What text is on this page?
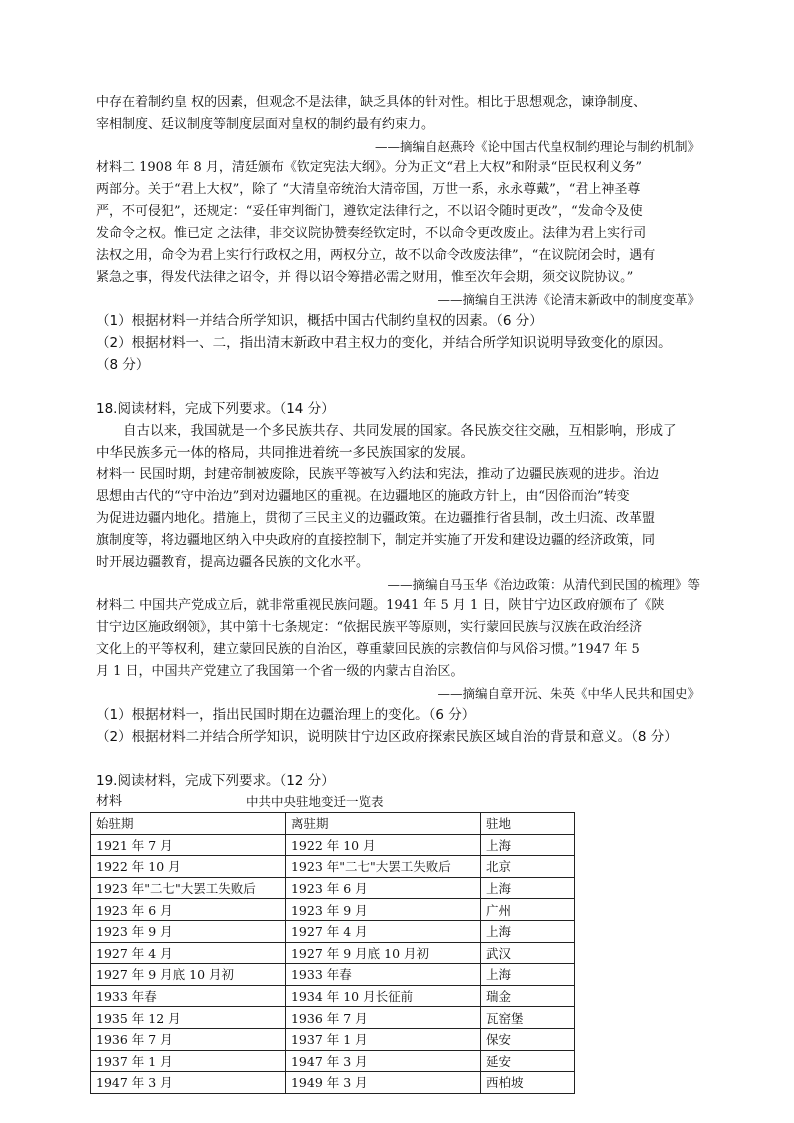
中存在着制约皇 权的因素，但观念不是法律，缺乏具体的针对性。相比于思想观念，谏诤制度、

宰相制度、廷议制度等制度层面对皇权的制约最有约束力。

——摘编自赵燕玲《论中国古代皇权制约理论与制约机制》

材料二 1908 年 8 月，清廷颁布《钦定宪法大纲》。分为正文“君上大权”和附录“臣民权利义务”

两部分。关于“君上大权”，除了 “大清皇帝统治大清帝国，万世一系，永永尊戴”，“君上神圣尊

严，不可侵犯”，还规定：“妥任审判衙门，遵钦定法律行之，不以诏令随时更改”，“发命令及使

发命令之权。惟已定 之法律，非交议院协赞奏经钦定时，不以命令更改废止。法律为君上实行司

法权之用，命令为君上实行行政权之用，两权分立，故不以命令改废法律”，“在议院闭会时，遇有

紧急之事，得发代法律之诏令，并 得以诏令筹措必需之财用，惟至次年会期，须交议院协议。”

——摘编自王洪涛《论清末新政中的制度变革》

（1）根据材料一并结合所学知识，概括中国古代制约皇权的因素。（6 分）

（2）根据材料一、二，指出清末新政中君主权力的变化，并结合所学知识说明导致变化的原因。

（8 分）

18.阅读材料，完成下列要求。（14 分）

自古以来，我国就是一个多民族共存、共同发展的国家。各民族交往交融，互相影响，形成了

中华民族多元一体的格局，共同推进着统一多民族国家的发展。

材料一 民国时期，封建帝制被废除，民族平等被写入约法和宪法，推动了边疆民族观的进步。治边

思想由古代的“守中治边”到对边疆地区的重视。在边疆地区的施政方针上，由“因俗而治”转变

为促进边疆内地化。措施上，贯彻了三民主义的边疆政策。在边疆推行省县制，改土归流、改革盟

旗制度等，将边疆地区纳入中央政府的直接控制下，制定并实施了开发和建设边疆的经济政策，同

时开展边疆教育，提高边疆各民族的文化水平。

——摘编自马玉华《治边政策：从清代到民国的梳理》等

材料二 中国共产党成立后，就非常重视民族问题。1941 年 5 月 1 日，陕甘宁边区政府颁布了《陕

甘宁边区施政纲领》，其中第十七条规定：“依据民族平等原则，实行蒙回民族与汉族在政治经济

文化上的平等权利，建立蒙回民族的自治区，尊重蒙回民族的宗教信仰与风俗习惯。”1947 年 5

月 1 日，中国共产党建立了我国第一个省一级的内蒙古自治区。

——摘编自章开沅、朱英《中华人民共和国史》

（1）根据材料一，指出民国时期在边疆治理上的变化。（6 分）

（2）根据材料二并结合所学知识，说明陕甘宁边区政府探索民族区域自治的背景和意义。（8 分）

19.阅读材料，完成下列要求。（12 分）

材料	中共中央驻地变迁一览表
始驻期	离驻期	驻地
1921 年 7 月	1922 年 10 月	上海
1922 年 10 月	1923 年"二七"大罢工失败后	北京
1923 年"二七"大罢工失败后	1923 年 6 月	上海
1923 年 6 月	1923 年 9 月	广州
1923 年 9 月	1927 年 4 月	上海
1927 年 4 月	1927 年 9 月底 10 月初	武汉
1927 年 9 月底 10 月初	1933 年春	上海
1933 年春	1934 年 10 月长征前	瑞金
1935 年 12 月	1936 年 7 月	瓦窑堡
1936 年 7 月	1937 年 1 月	保安
1937 年 1 月	1947 年 3 月	延安
1947 年 3 月	1949 年 3 月	西柏坡
